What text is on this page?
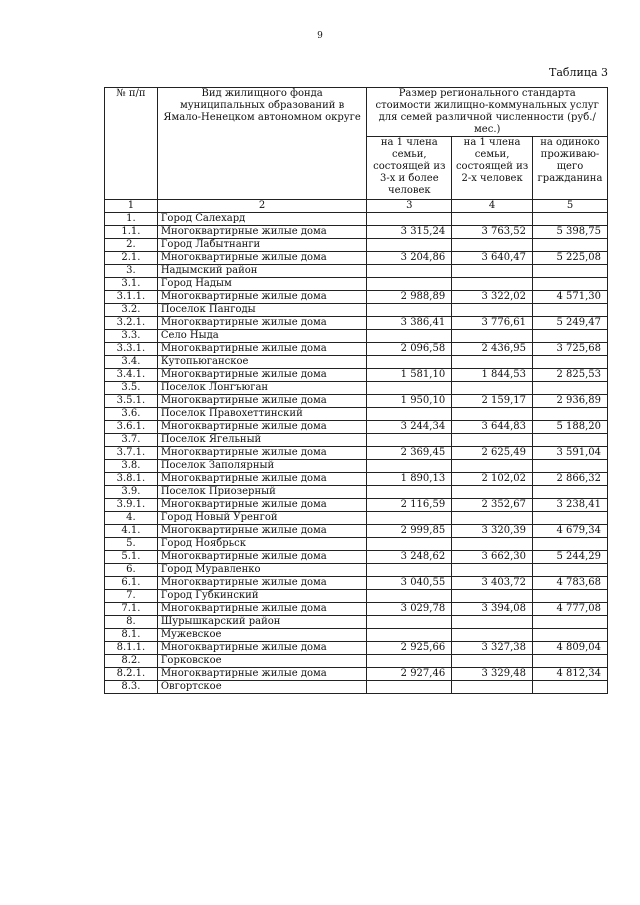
9
Таблица 3
№ п/п	Вид жилищного фонда муниципальных образований в Ямало-Ненецком автономном округе	Размер регионального стандарта стоимости жилищно-коммунальных услуг для семей различной численности (руб./мес.)		
		на 1 члена семьи, состоящей из 3-х и более человек	на 1 члена семьи, состоящей из 2-х человек	на одиноко проживаю-щего гражданина
1	2	3	4	5
1.	Город Салехард			
1.1.	Многоквартирные жилые дома	3 315,24	3 763,52	5 398,75
2.	Город Лабытнанги			
2.1.	Многоквартирные жилые дома	3 204,86	3 640,47	5 225,08
3.	Надымский район			
3.1.	Город Надым			
3.1.1.	Многоквартирные жилые дома	2 988,89	3 322,02	4 571,30
3.2.	Поселок Пангоды			
3.2.1.	Многоквартирные жилые дома	3 386,41	3 776,61	5 249,47
3.3.	Село Ныда			
3.3.1.	Многоквартирные жилые дома	2 096,58	2 436,95	3 725,68
3.4.	Кутопьюганское			
3.4.1.	Многоквартирные жилые дома	1 581,10	1 844,53	2 825,53
3.5.	Поселок Лонгъюган			
3.5.1.	Многоквартирные жилые дома	1 950,10	2 159,17	2 936,89
3.6.	Поселок Правохеттинский			
3.6.1.	Многоквартирные жилые дома	3 244,34	3 644,83	5 188,20
3.7.	Поселок Ягельный			
3.7.1.	Многоквартирные жилые дома	2 369,45	2 625,49	3 591,04
3.8.	Поселок Заполярный			
3.8.1.	Многоквартирные жилые дома	1 890,13	2 102,02	2 866,32
3.9.	Поселок Приозерный			
3.9.1.	Многоквартирные жилые дома	2 116,59	2 352,67	3 238,41
4.	Город Новый Уренгой			
4.1.	Многоквартирные жилые дома	2 999,85	3 320,39	4 679,34
5.	Город Ноябрьск			
5.1.	Многоквартирные жилые дома	3 248,62	3 662,30	5 244,29
6.	Город Муравленко			
6.1.	Многоквартирные жилые дома	3 040,55	3 403,72	4 783,68
7.	Город Губкинский			
7.1.	Многоквартирные жилые дома	3 029,78	3 394,08	4 777,08
8.	Шурышкарский район			
8.1.	Мужевское			
8.1.1.	Многоквартирные жилые дома	2 925,66	3 327,38	4 809,04
8.2.	Горковское			
8.2.1.	Многоквартирные жилые дома	2 927,46	3 329,48	4 812,34
8.3.	Овгортское			
